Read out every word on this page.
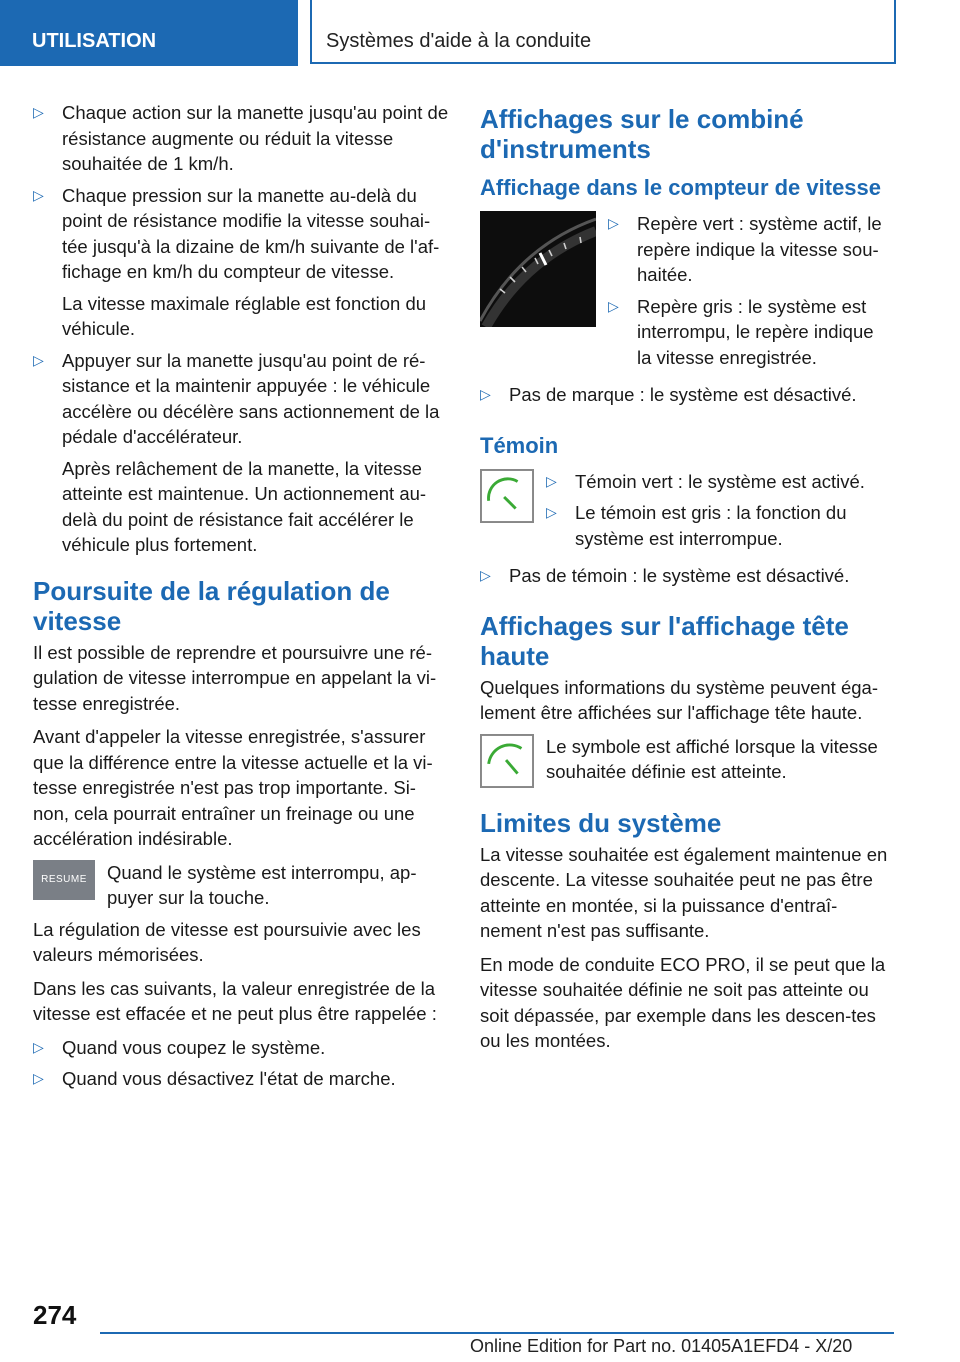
UTILISATION	Systèmes d'aide à la conduite
▷ Chaque action sur la manette jusqu'au point de résistance augmente ou réduit la vitesse souhaitée de 1 km/h.

▷ Chaque pression sur la manette au-delà du point de résistance modifie la vitesse souhai-tée jusqu'à la dizaine de km/h suivante de l'af-fichage en km/h du compteur de vitesse.

La vitesse maximale réglable est fonction du véhicule.

▷ Appuyer sur la manette jusqu'au point de ré-sistance et la maintenir appuyée : le véhicule accélère ou décélère sans actionnement de la pédale d'accélérateur.

Après relâchement de la manette, la vitesse atteinte est maintenue. Un actionnement au-delà du point de résistance fait accélérer le véhicule plus fortement.

Poursuite de la régulation de vitesse

Il est possible de reprendre et poursuivre une ré-gulation de vitesse interrompue en appelant la vi-tesse enregistrée.

Avant d'appeler la vitesse enregistrée, s'assurer que la différence entre la vitesse actuelle et la vi-tesse enregistrée n'est pas trop importante. Si-non, cela pourrait entraîner un freinage ou une accélération indésirable.

RESUME	Quand le système est interrompu, ap-puyer sur la touche.

La régulation de vitesse est poursuivie avec les valeurs mémorisées.

Dans les cas suivants, la valeur enregistrée de la vitesse est effacée et ne peut plus être rappelée :

▷ Quand vous coupez le système.

▷ Quand vous désactivez l'état de marche.

Affichages sur le combiné d'instruments
Affichage dans le compteur de vitesse
▷ Repère vert : système actif, le repère indique la vitesse sou-haitée.

▷ Repère gris : le système est interrompu, le repère indique la vitesse enregistrée.

▷ Pas de marque : le système est désactivé.

Témoin
▷ Témoin vert : le système est activé.

▷ Le témoin est gris : la fonction du système est interrompue.

▷ Pas de témoin : le système est désactivé.

Affichages sur l'affichage tête haute

Quelques informations du système peuvent éga-lement être affichées sur l'affichage tête haute.

Le symbole est affiché lorsque la vitesse souhaitée définie est atteinte.
Limites du système

La vitesse souhaitée est également maintenue en descente. La vitesse souhaitée peut ne pas être atteinte en montée, si la puissance d'entraî-nement n'est pas suffisante.

En mode de conduite ECO PRO, il se peut que la vitesse souhaitée définie ne soit pas atteinte ou soit dépassée, par exemple dans les descen-tes ou les montées.

274
Online Edition for Part no. 01405A1EFD4 - X/20
